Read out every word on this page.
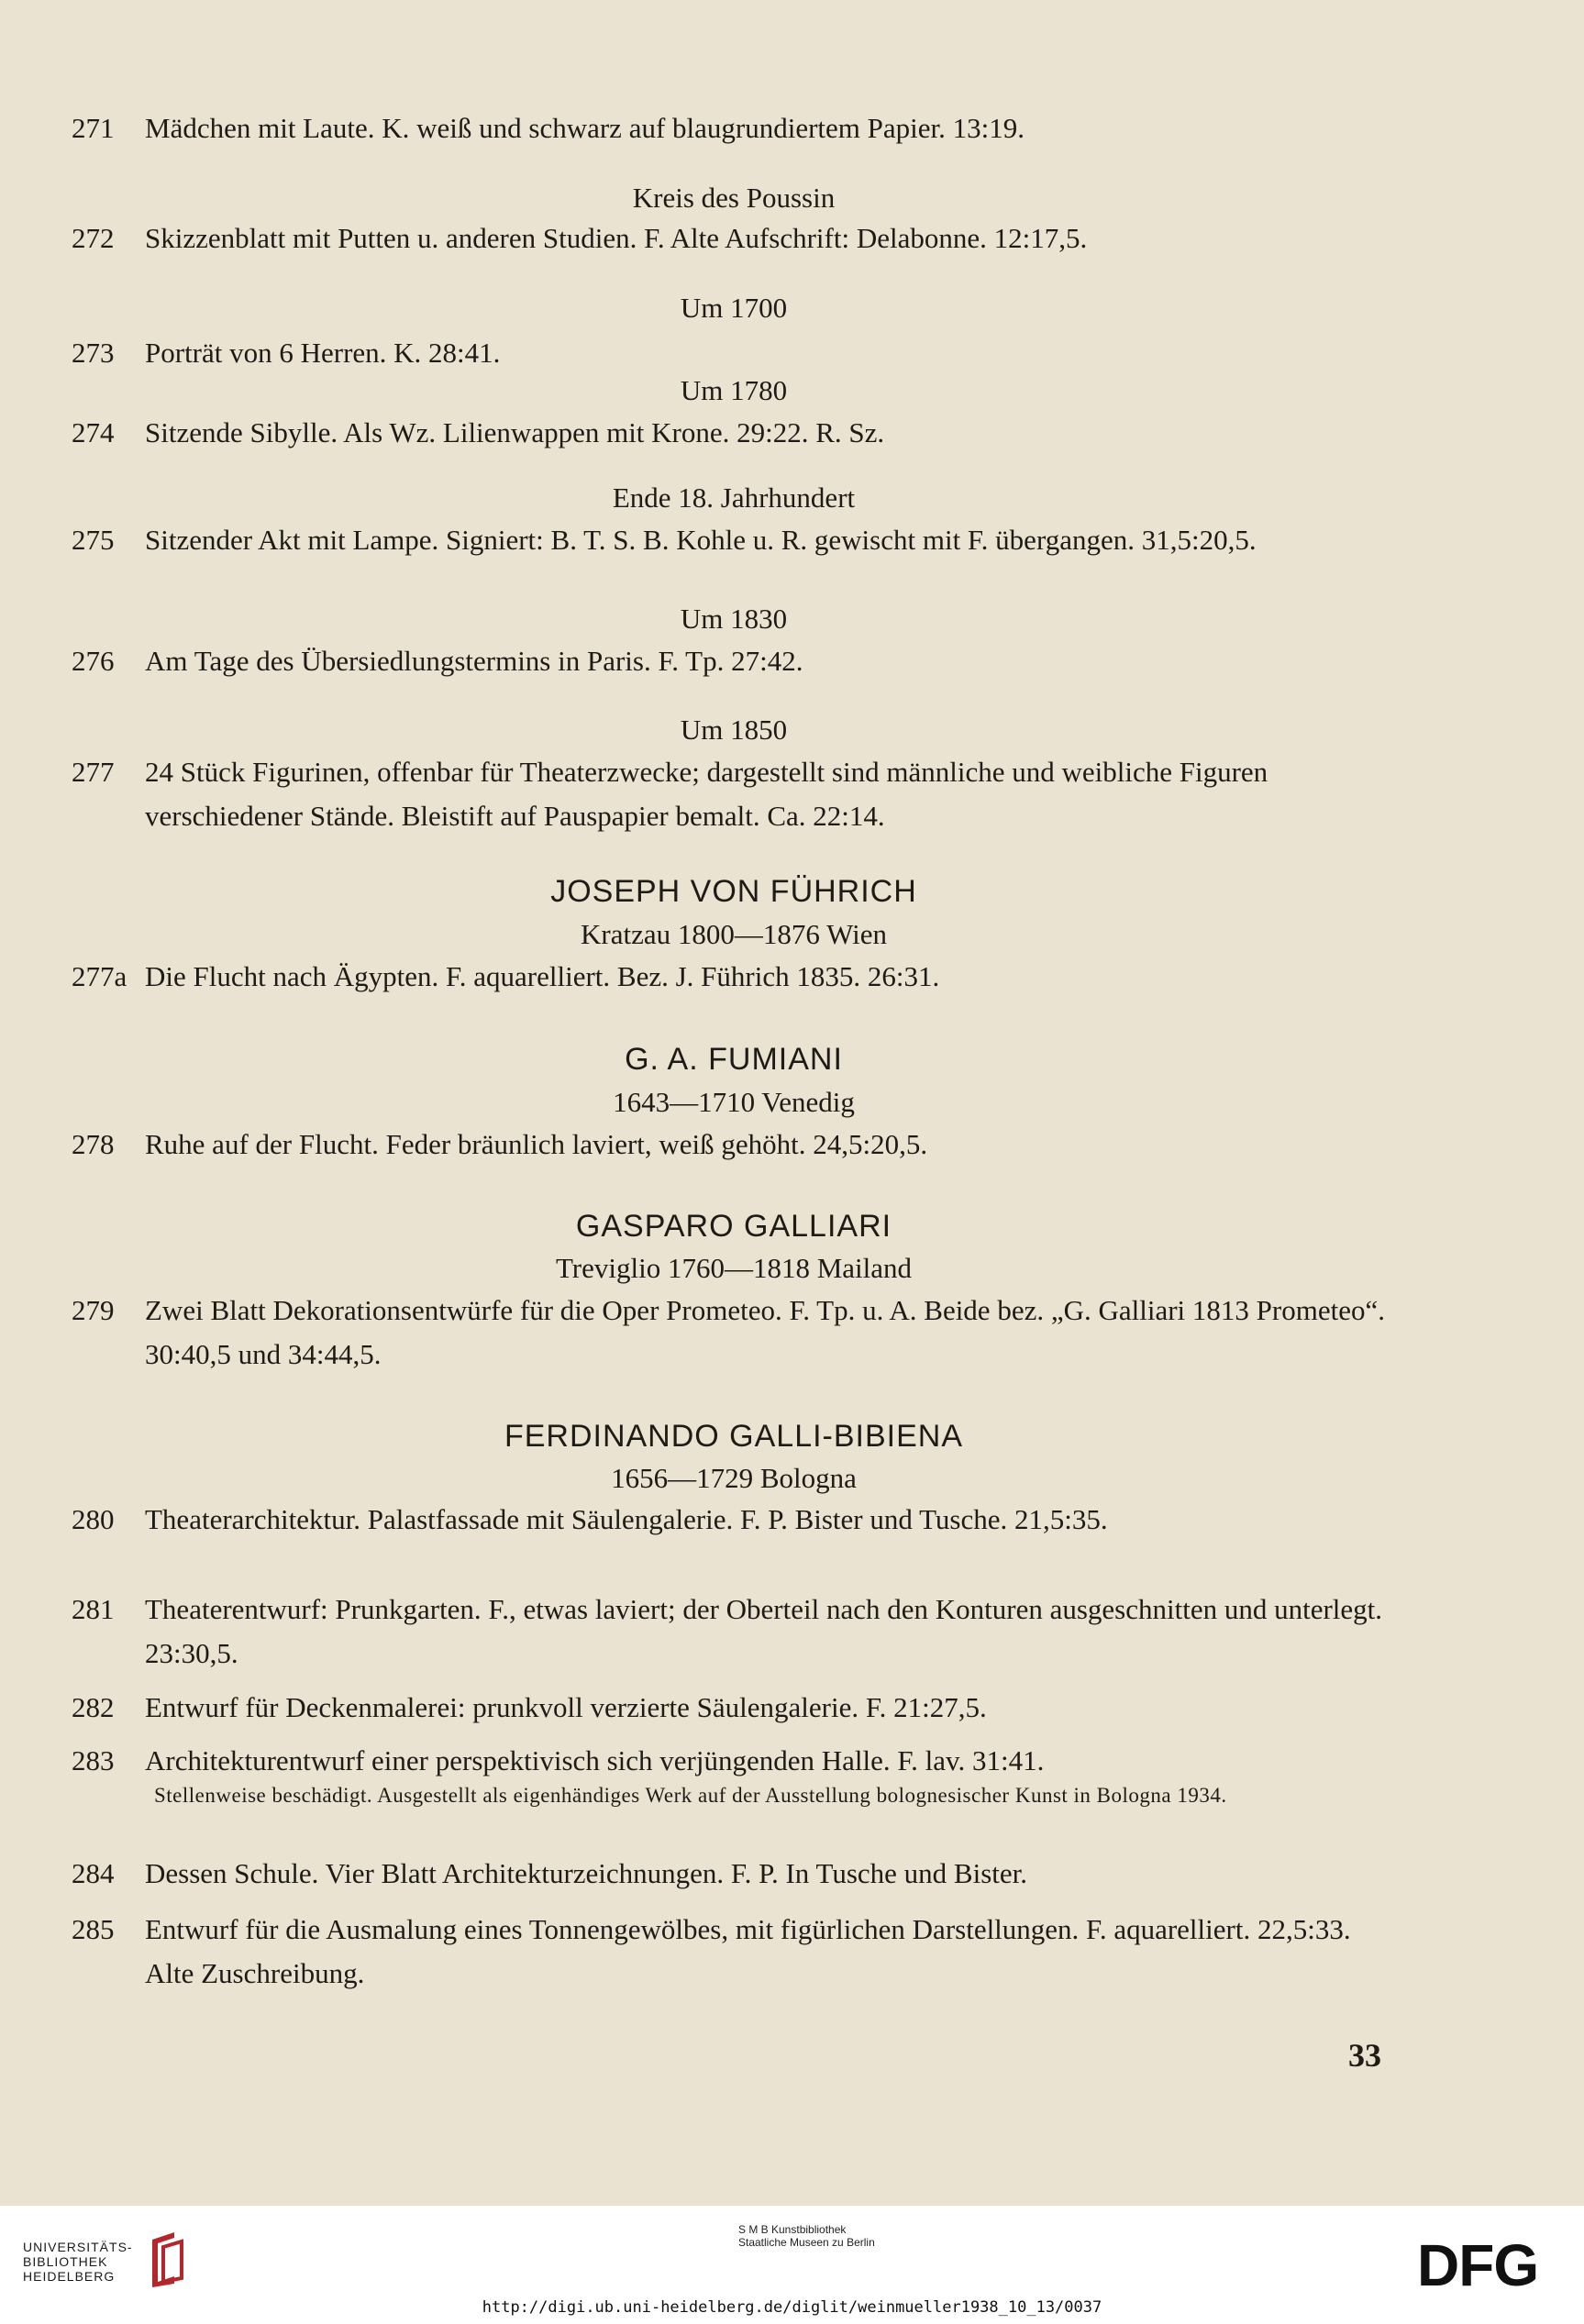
271	Mädchen mit Laute. K. weiß und schwarz auf blaugrundiertem Papier. 13:19.
Kreis des Poussin
272	Skizzenblatt mit Putten u. anderen Studien. F. Alte Aufschrift: Delabonne. 12:17,5.
Um 1700
273	Porträt von 6 Herren. K. 28:41.
Um 1780
274	Sitzende Sibylle. Als Wz. Lilienwappen mit Krone. 29:22. R. Sz.
Ende 18. Jahrhundert
275	Sitzender Akt mit Lampe. Signiert: B. T. S. B. Kohle u. R. gewischt mit F. übergangen. 31,5:20,5.
Um 1830
276	Am Tage des Übersiedlungstermins in Paris. F. Tp. 27:42.
Um 1850
277	24 Stück Figurinen, offenbar für Theaterzwecke; dargestellt sind männliche und weibliche Figuren verschiedener Stände. Bleistift auf Pauspapier bemalt. Ca. 22:14.
JOSEPH VON FÜHRICH
Kratzau 1800—1876 Wien
277a Die Flucht nach Ägypten. F. aquarelliert. Bez. J. Führich 1835. 26:31.
G. A. FUMIANI
1643—1710 Venedig
278	Ruhe auf der Flucht. Feder bräunlich laviert, weiß gehöht. 24,5:20,5.
GASPARO GALLIARI
Treviglio 1760—1818 Mailand
279	Zwei Blatt Dekorationsentwürfe für die Oper Prometeo. F. Tp. u. A. Beide bez. „G. Galliari 1813 Prometeo“. 30:40,5 und 34:44,5.
FERDINANDO GALLI-BIBIENA
1656—1729 Bologna
280	Theaterarchitektur. Palastfassade mit Säulengalerie. F. P. Bister und Tusche. 21,5:35.
281	Theaterentwurf: Prunkgarten. F., etwas laviert; der Oberteil nach den Konturen ausgeschnitten und unterlegt. 23:30,5.
282	Entwurf für Deckenmalerei: prunkvoll verzierte Säulengalerie. F. 21:27,5.
283	Architekturentwurf einer perspektivisch sich verjüngenden Halle. F. lav. 31:41.
Stellenweise beschädigt. Ausgestellt als eigenhändiges Werk auf der Ausstellung bolognesischer Kunst in Bologna 1934.
284	Dessen Schule. Vier Blatt Architekturzeichnungen. F. P. In Tusche und Bister.
285	Entwurf für die Ausmalung eines Tonnengewölbes, mit figürlichen Darstellungen. F. aquarelliert. 22,5:33. Alte Zuschreibung.
33
UNIVERSITÄTS- BIBLIOTHEK HEIDELBERG
S M B Kunstbibliothek Staatliche Museen zu Berlin	DFG
http://digi.ub.uni-heidelberg.de/diglit/weinmueller1938_10_13/0037
